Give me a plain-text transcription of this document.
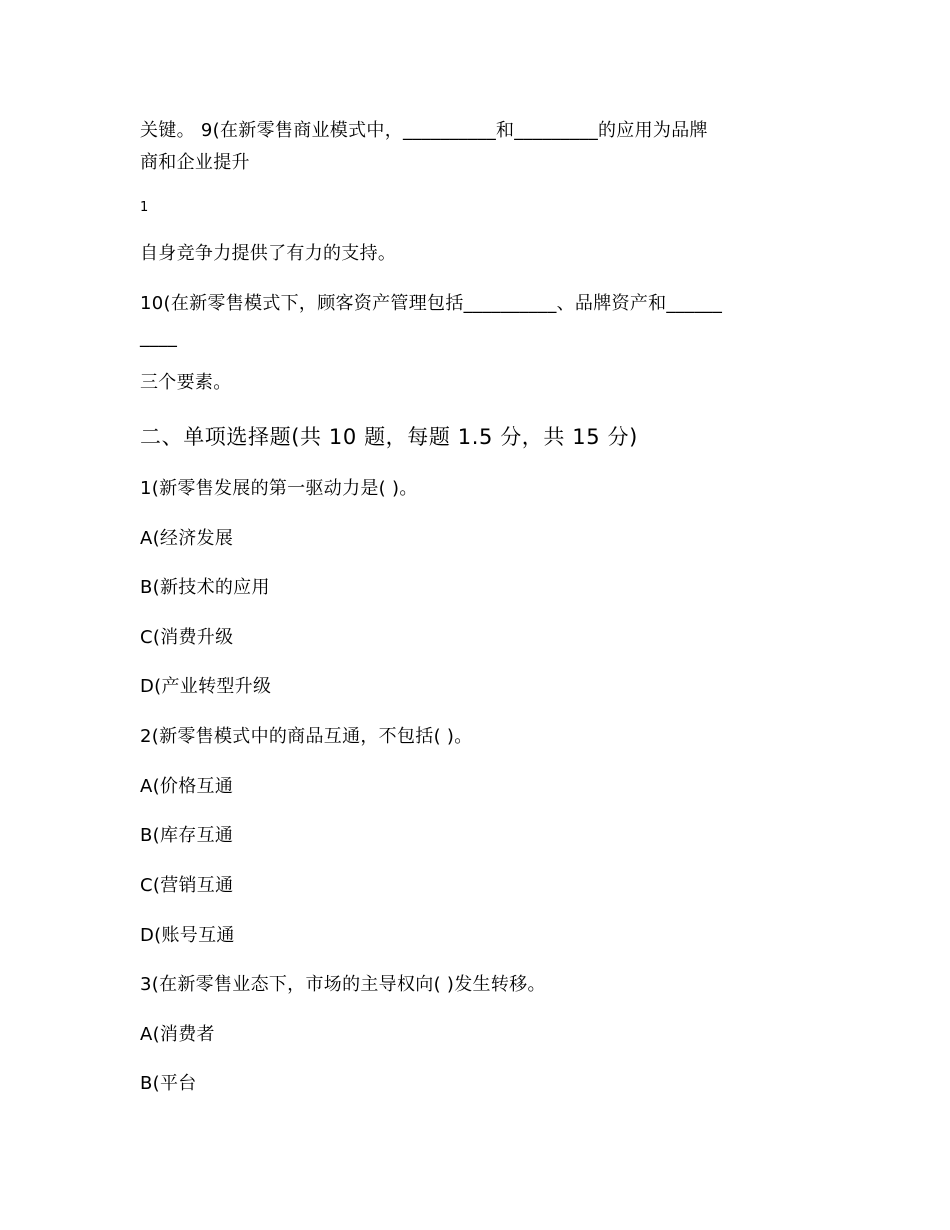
关键。 9(在新零售商业模式中，__________和_________的应用为品牌
商和企业提升
1
自身竞争力提供了有力的支持。
10(在新零售模式下，顾客资产管理包括__________、品牌资产和______
____
三个要素。
二、单项选择题(共 10 题，每题 1.5 分，共 15 分)
1(新零售发展的第一驱动力是( )。
A(经济发展
B(新技术的应用
C(消费升级
D(产业转型升级
2(新零售模式中的商品互通，不包括( )。
A(价格互通
B(库存互通
C(营销互通
D(账号互通
3(在新零售业态下，市场的主导权向( )发生转移。
A(消费者
B(平台
